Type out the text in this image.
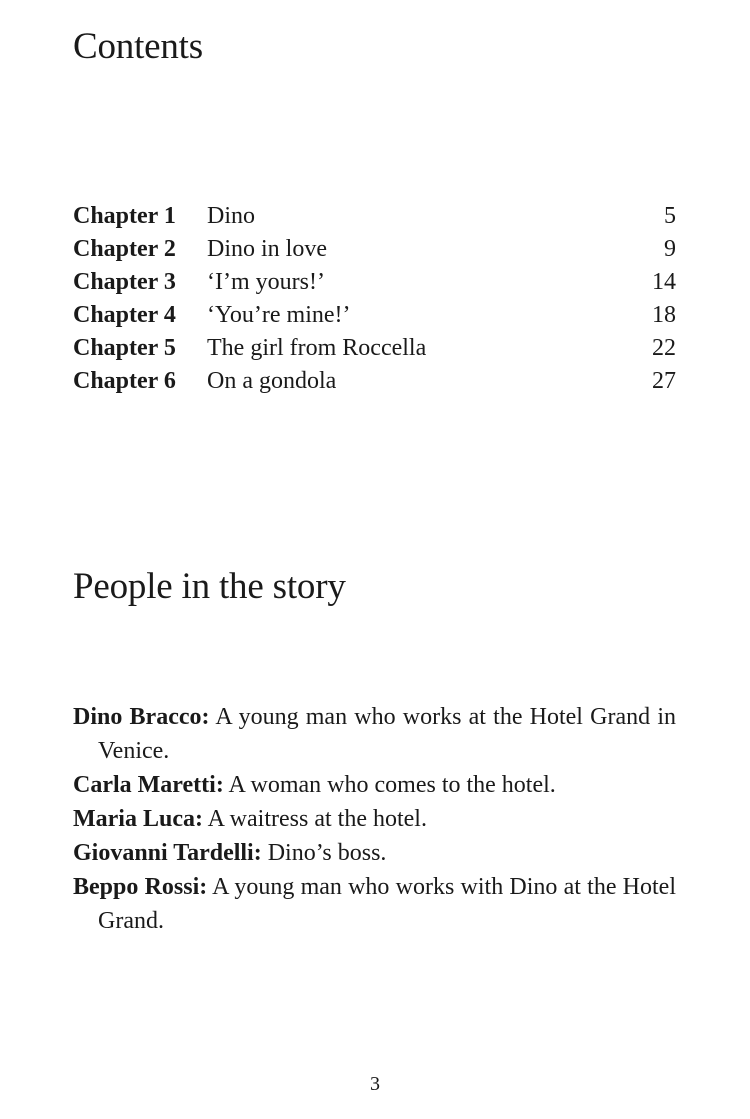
Contents
Chapter 1	Dino	5
Chapter 2	Dino in love	9
Chapter 3	‘I’m yours!’	14
Chapter 4	‘You’re mine!’	18
Chapter 5	The girl from Roccella	22
Chapter 6	On a gondola	27
People in the story

Dino Bracco: A young man who works at the Hotel Grand in Venice.

Carla Maretti: A woman who comes to the hotel.

Maria Luca: A waitress at the hotel.

Giovanni Tardelli: Dino’s boss.

Beppo Rossi: A young man who works with Dino at the Hotel Grand.

3
